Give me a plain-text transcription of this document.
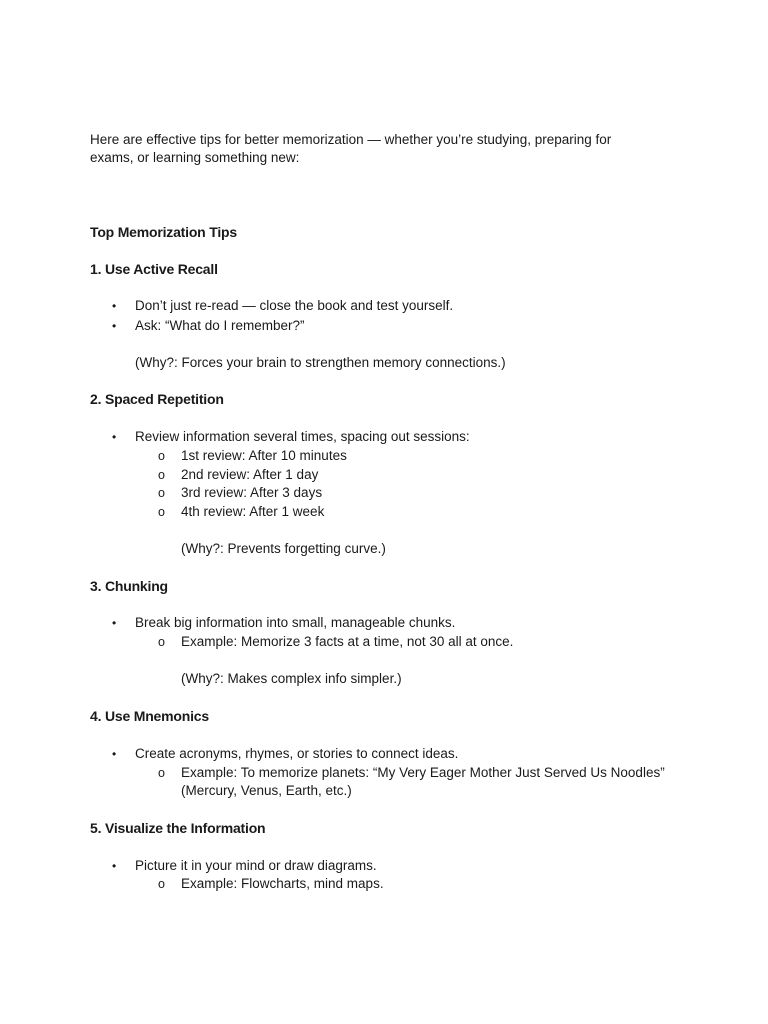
Here are effective tips for better memorization — whether you’re studying, preparing for
exams, or learning something new:
Top Memorization Tips
1. Use Active Recall
• Don’t just re-read — close the book and test yourself.
• Ask: “What do I remember?”
(Why?: Forces your brain to strengthen memory connections.)
2. Spaced Repetition
• Review information several times, spacing out sessions:
o 1st review: After 10 minutes
o 2nd review: After 1 day
o 3rd review: After 3 days
o 4th review: After 1 week
(Why?: Prevents forgetting curve.)
3. Chunking
• Break big information into small, manageable chunks.
o Example: Memorize 3 facts at a time, not 30 all at once.
(Why?: Makes complex info simpler.)
4. Use Mnemonics
• Create acronyms, rhymes, or stories to connect ideas.
o Example: To memorize planets: “My Very Eager Mother Just Served Us Noodles”
(Mercury, Venus, Earth, etc.)
5. Visualize the Information
• Picture it in your mind or draw diagrams.
o Example: Flowcharts, mind maps.
